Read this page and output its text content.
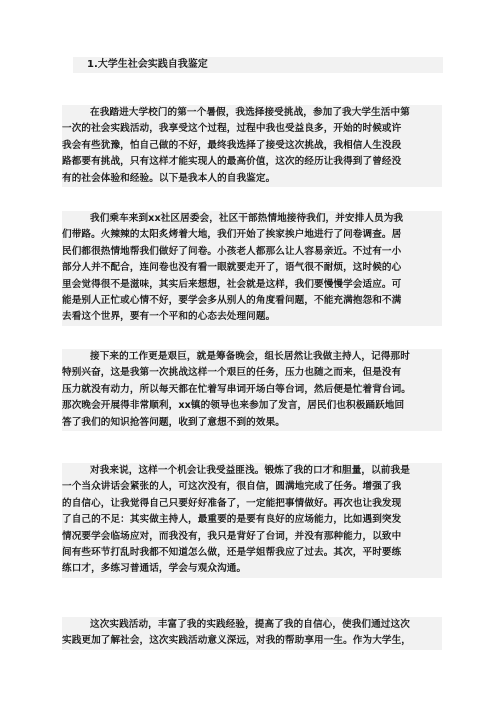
1.大学生社会实践自我鉴定
在我踏进大学校门的第一个暑假，我选择接受挑战，参加了我大学生活中第
一次的社会实践活动，我享受这个过程，过程中我也受益良多，开始的时候或许
我会有些犹豫，怕自己做的不好，最终我选择了接受这次挑战，我相信人生没段
路都要有挑战，只有这样才能实现人的最高价值，这次的经历让我得到了曾经没
有的社会体验和经验。以下是我本人的自我鉴定。
我们乘车来到xx社区居委会，社区干部热情地接待我们，并安排人员为我
们带路。火辣辣的太阳炙烤着大地，我们开始了挨家挨户地进行了问卷调查。居
民们都很热情地帮我们做好了问卷。小孩老人都那么让人容易亲近。不过有一小
部分人并不配合，连问卷也没有看一眼就要走开了，语气很不耐烦，这时候的心
里会觉得很不是滋味，其实后来想想，社会就是这样，我们要慢慢学会适应。可
能是别人正忙或心情不好，要学会多从别人的角度看问题，不能充满抱怨和不满
去看这个世界，要有一个平和的心态去处理问题。
接下来的工作更是艰巨，就是筹备晚会，组长居然让我做主持人，记得那时
特别兴奋，这是我第一次挑战这样一个艰巨的任务，压力也随之而来，但是没有
压力就没有动力，所以每天都在忙着写串词开场白等台词，然后便是忙着背台词。
那次晚会开展得非常顺利，xx镇的领导也来参加了发言，居民们也积极踊跃地回
答了我们的知识抢答问题，收到了意想不到的效果。
对我来说，这样一个机会让我受益匪浅。锻炼了我的口才和胆量，以前我是
一个当众讲话会紧张的人，可这次没有，很自信，圆满地完成了任务。增强了我
的自信心，让我觉得自己只要好好准备了，一定能把事情做好。再次也让我发现
了自己的不足：其实做主持人，最重要的是要有良好的应场能力，比如遇到突发
情况要学会临场应对，而我没有，我只是背好了台词，并没有那种能力，以致中
间有些环节打乱时我都不知道怎么做，还是学姐帮我应了过去。其次，平时要练
练口才，多练习普通话，学会与观众沟通。
这次实践活动，丰富了我的实践经验，提高了我的自信心，使我们通过这次
实践更加了解社会，这次实践活动意义深远，对我的帮助享用一生。作为大学生，
